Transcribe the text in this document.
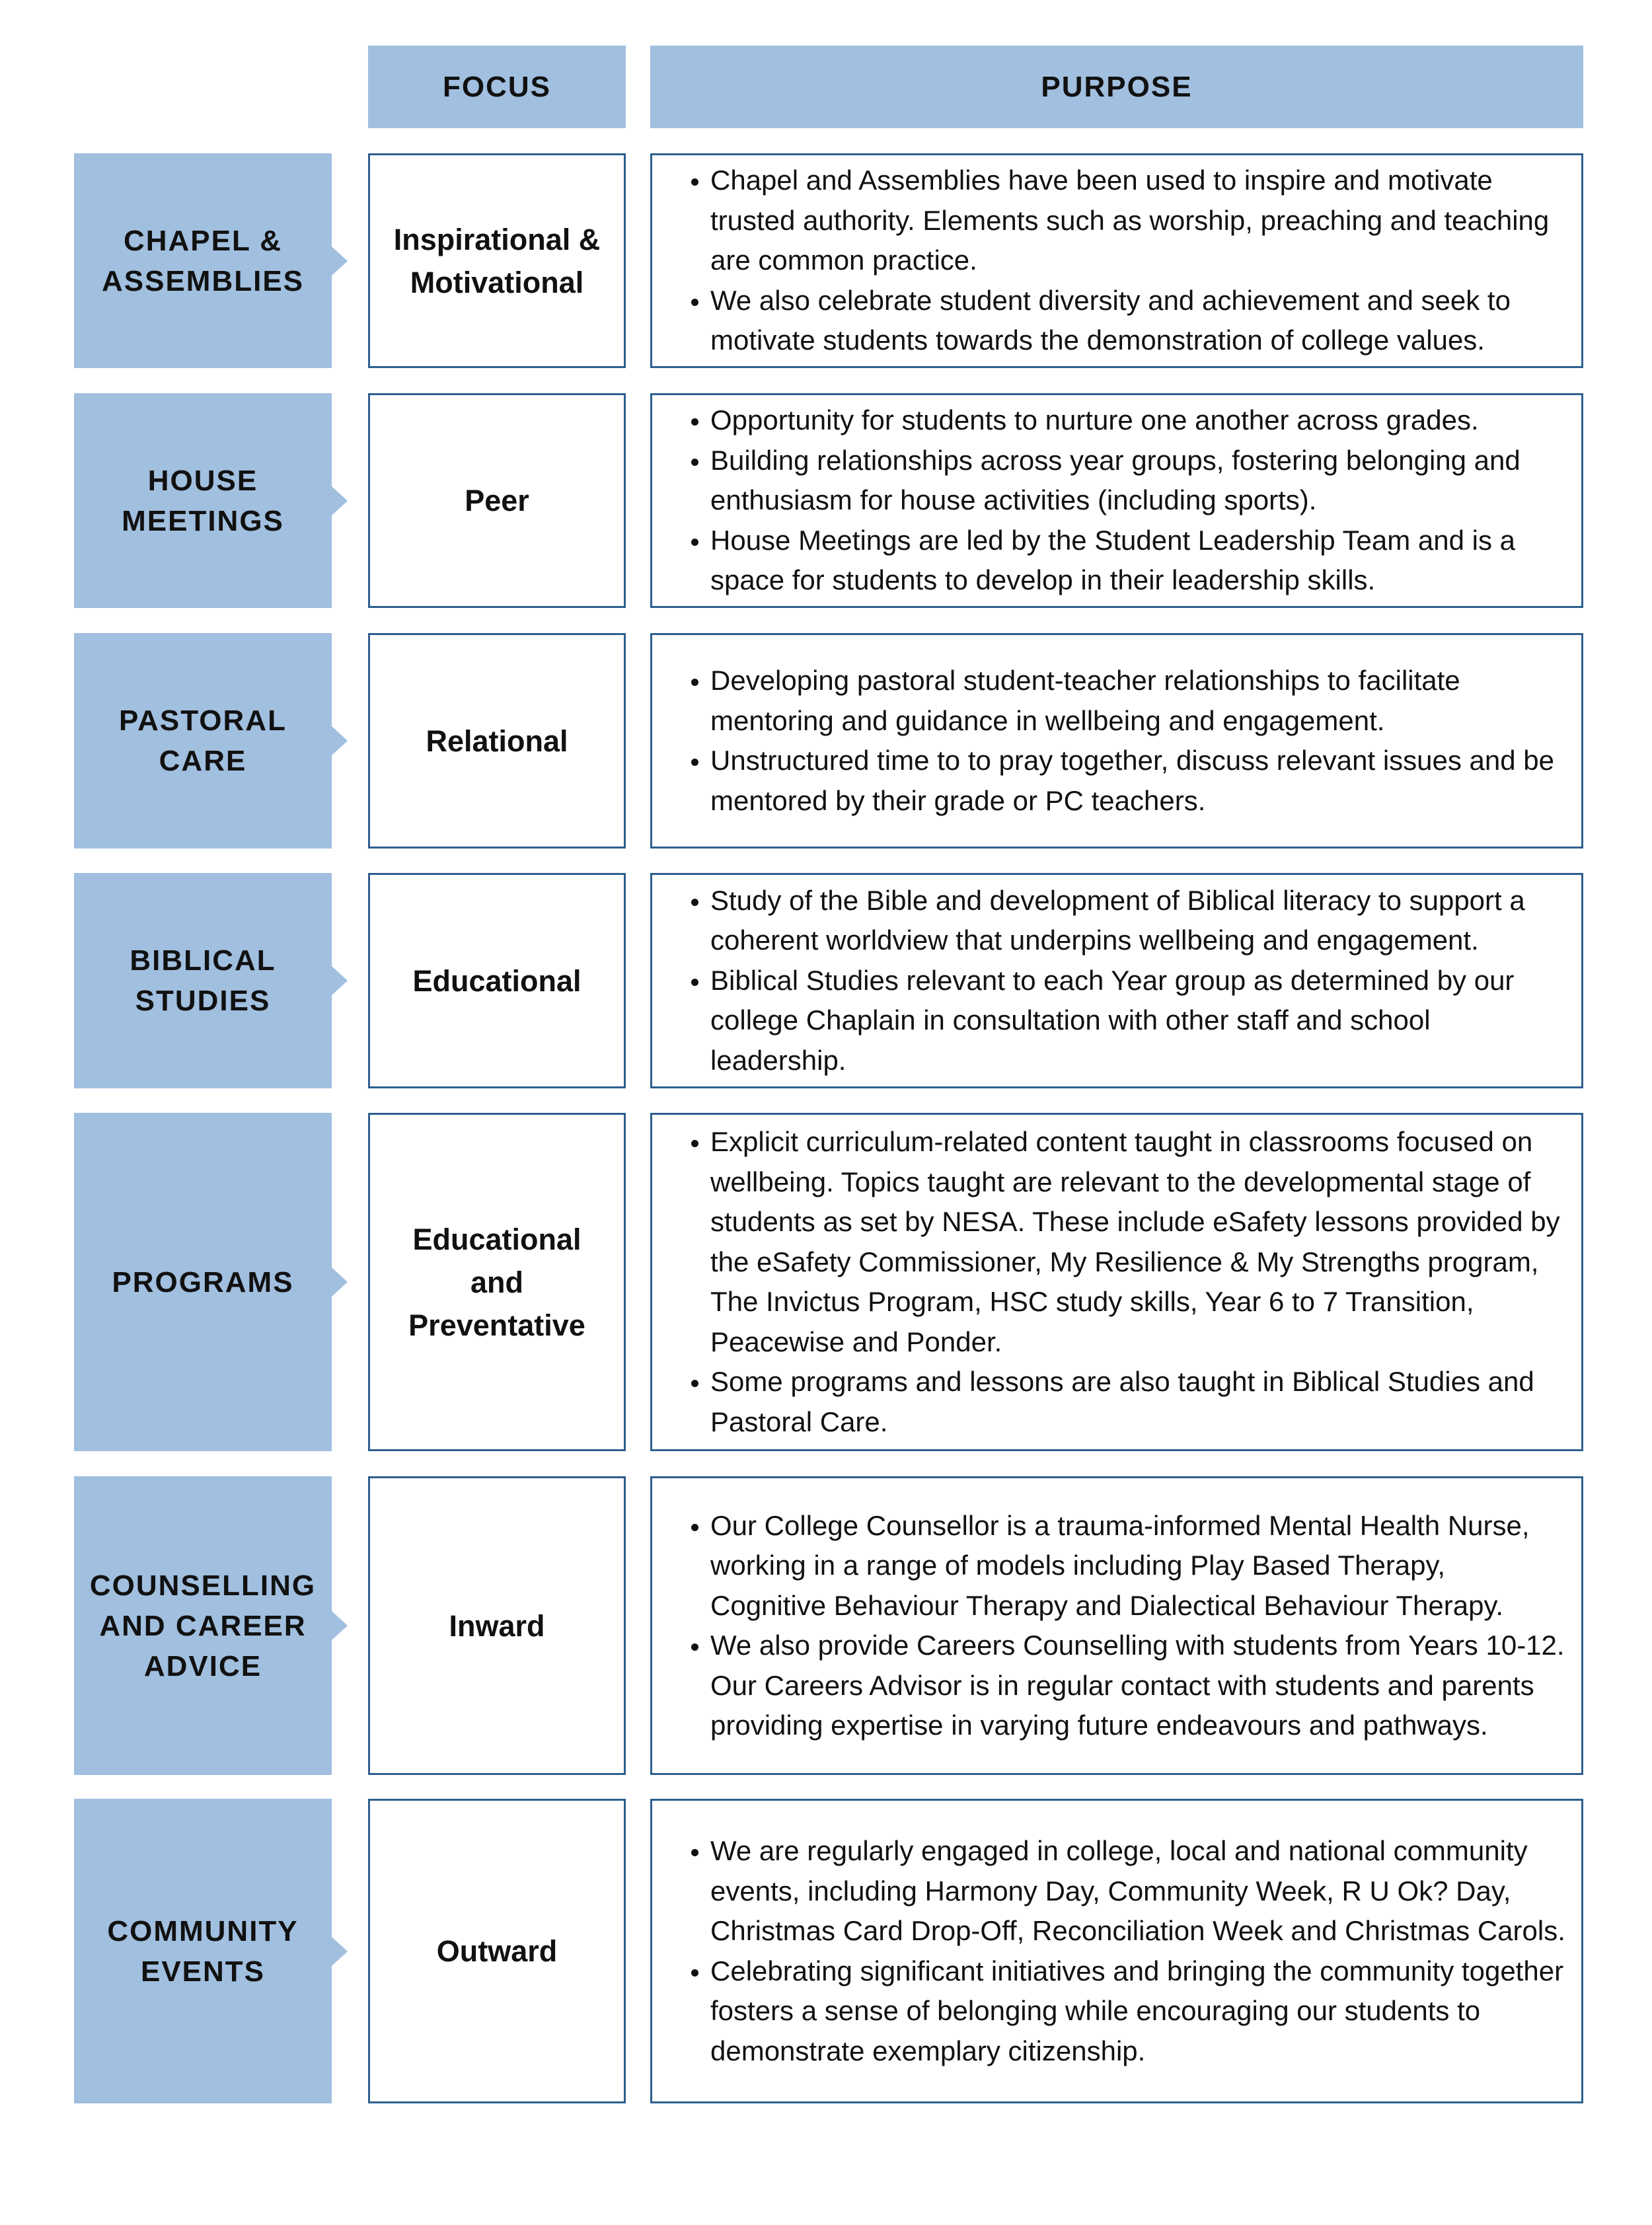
FOCUS	PURPOSE
CHAPEL & ASSEMBLIES
Inspirational & Motivational
• Chapel and Assemblies have been used to inspire and motivate trusted authority. Elements such as worship, preaching and teaching are common practice.
• We also celebrate student diversity and achievement and seek to motivate students towards the demonstration of college values.
HOUSE MEETINGS
Peer
• Opportunity for students to nurture one another across grades.
• Building relationships across year groups, fostering belonging and enthusiasm for house activities (including sports).
• House Meetings are led by the Student Leadership Team and is a space for students to develop in their leadership skills.
PASTORAL CARE
Relational
• Developing pastoral student-teacher relationships to facilitate mentoring and guidance in wellbeing and engagement.
• Unstructured time to to pray together, discuss relevant issues and be mentored by their grade or PC teachers.
BIBLICAL STUDIES
Educational
• Study of the Bible and development of Biblical literacy to support a coherent worldview that underpins wellbeing and engagement.
• Biblical Studies relevant to each Year group as determined by our college Chaplain in consultation with other staff and school leadership.
PROGRAMS
Educational and Preventative
• Explicit curriculum-related content taught in classrooms focused on wellbeing. Topics taught are relevant to the developmental stage of students as set by NESA. These include eSafety lessons provided by the eSafety Commissioner, My Resilience & My Strengths program, The Invictus Program, HSC study skills, Year 6 to 7 Transition, Peacewise and Ponder.
• Some programs and lessons are also taught in Biblical Studies and Pastoral Care.
COUNSELLING AND CAREER ADVICE
Inward
• Our College Counsellor is a trauma-informed Mental Health Nurse, working in a range of models including Play Based Therapy, Cognitive Behaviour Therapy and Dialectical Behaviour Therapy.
• We also provide Careers Counselling with students from Years 10-12. Our Careers Advisor is in regular contact with students and parents providing expertise in varying future endeavours and pathways.
COMMUNITY EVENTS
Outward
• We are regularly engaged in college, local and national community events, including Harmony Day, Community Week, R U Ok? Day, Christmas Card Drop-Off, Reconciliation Week and Christmas Carols.
• Celebrating significant initiatives and bringing the community together fosters a sense of belonging while encouraging our students to demonstrate exemplary citizenship.
